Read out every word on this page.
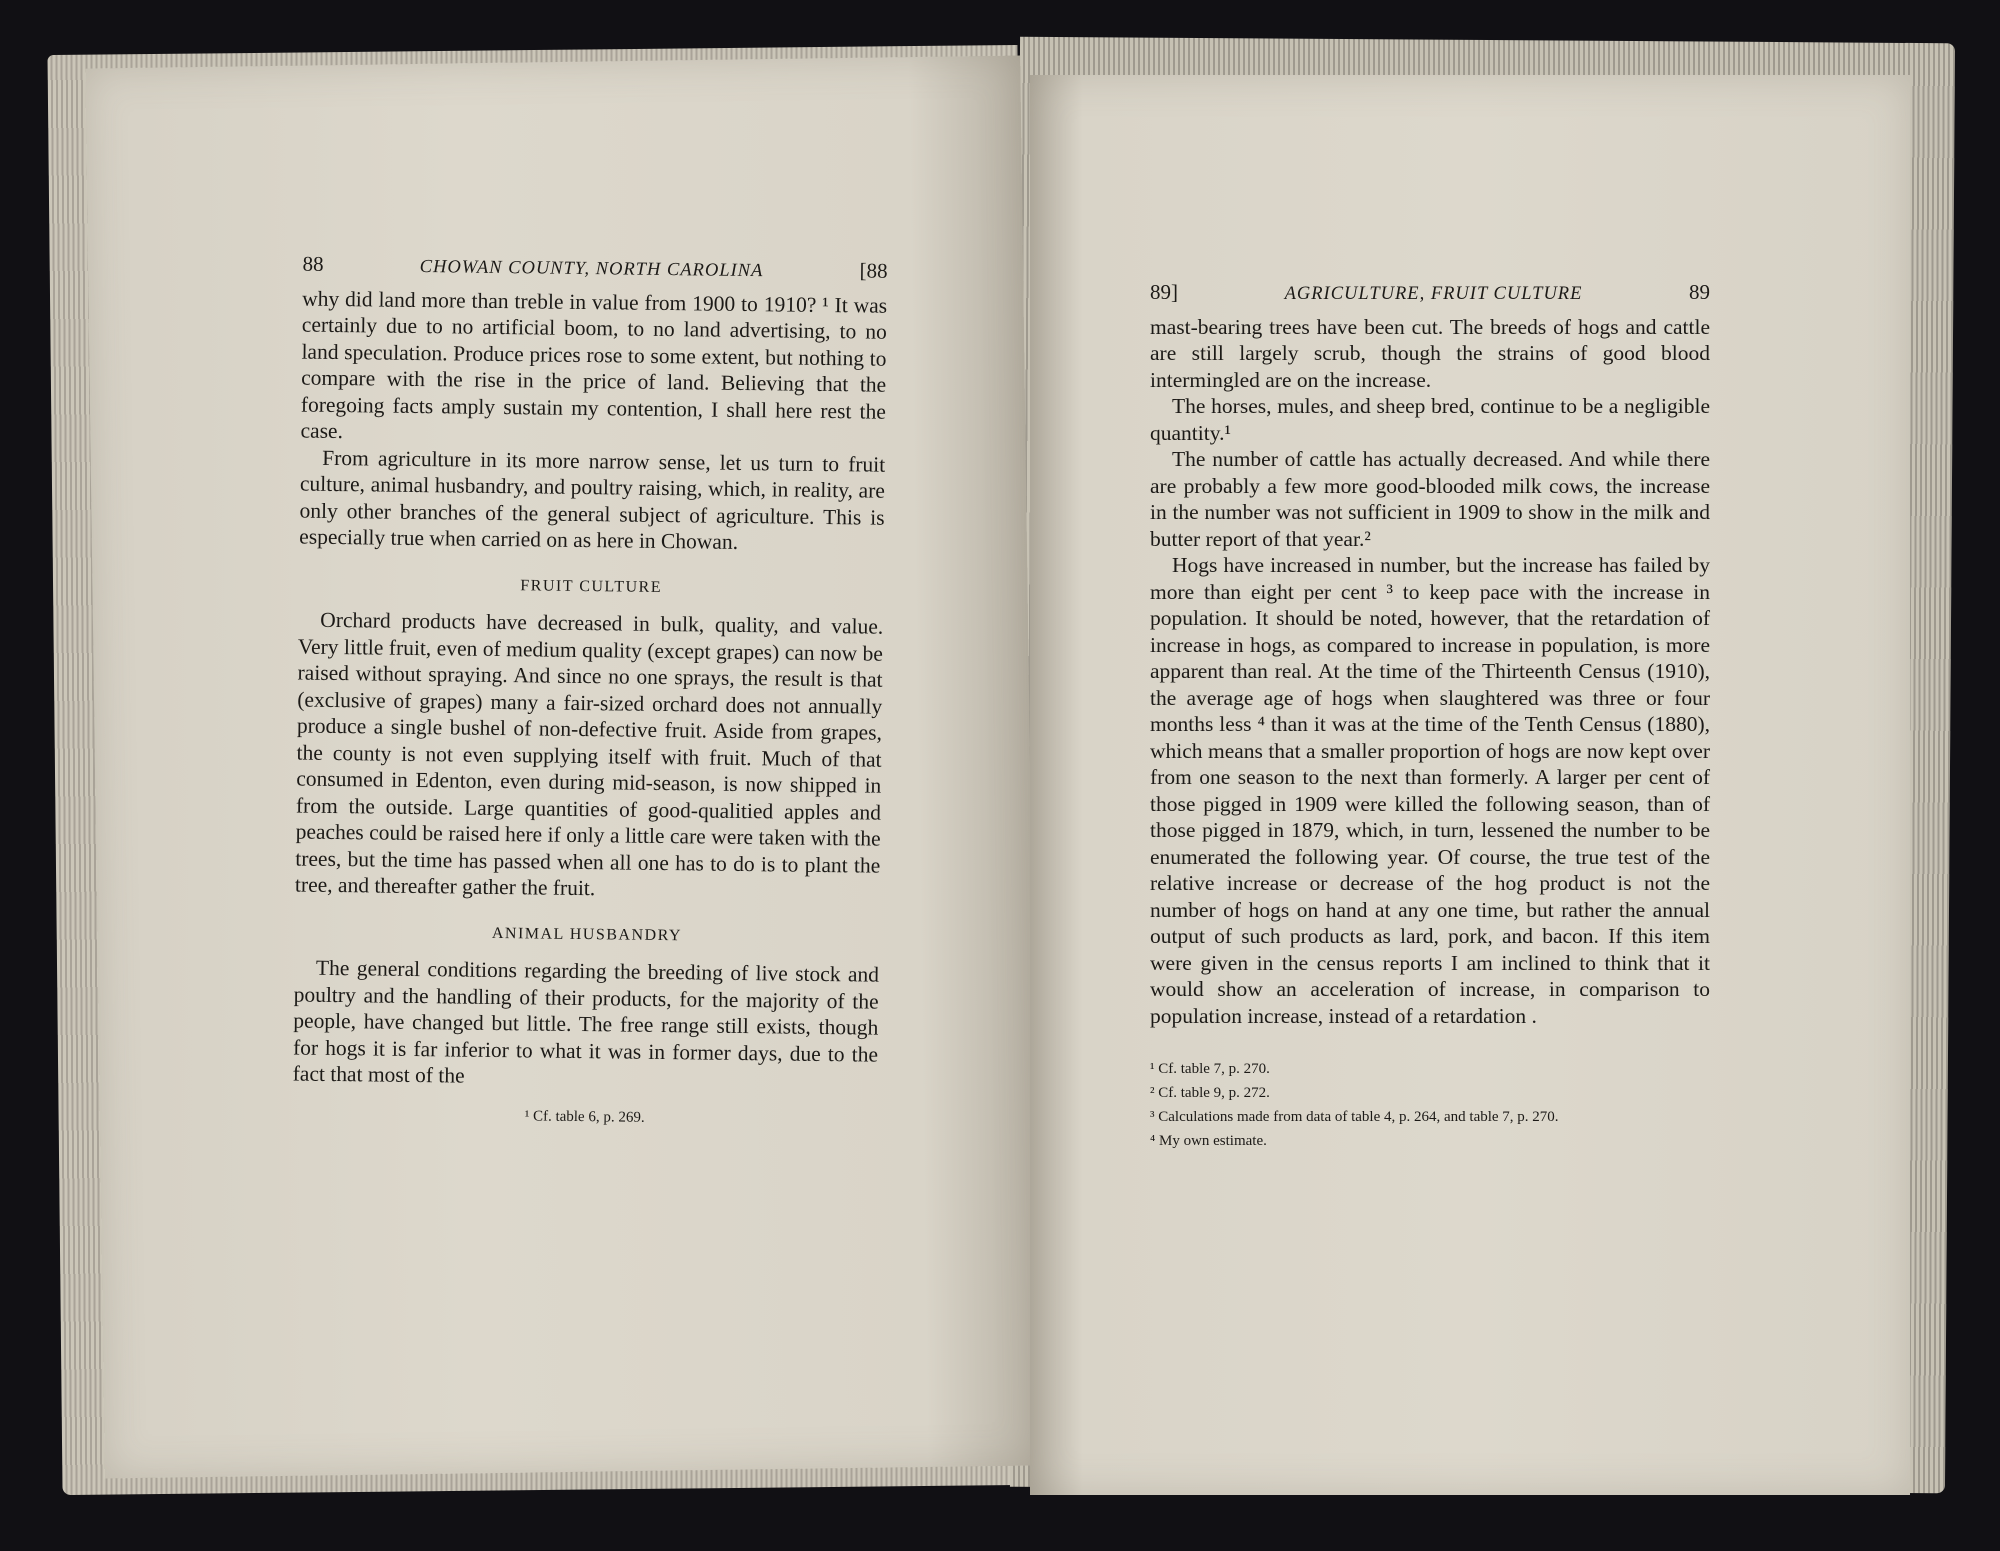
88	CHOWAN COUNTY, NORTH CAROLINA	[88

why did land more than treble in value from 1900 to 1910? ¹ It was certainly due to no artificial boom, to no land advertising, to no land speculation. Produce prices rose to some extent, but nothing to compare with the rise in the price of land. Believing that the foregoing facts amply sustain my contention, I shall here rest the case.

From agriculture in its more narrow sense, let us turn to fruit culture, animal husbandry, and poultry raising, which, in reality, are only other branches of the general subject of agriculture. This is especially true when carried on as here in Chowan.

FRUIT CULTURE

Orchard products have decreased in bulk, quality, and value. Very little fruit, even of medium quality (except grapes) can now be raised without spraying. And since no one sprays, the result is that (exclusive of grapes) many a fair-sized orchard does not annually produce a single bushel of non-defective fruit. Aside from grapes, the county is not even supplying itself with fruit. Much of that consumed in Edenton, even during mid-season, is now shipped in from the outside. Large quantities of good-qualitied apples and peaches could be raised here if only a little care were taken with the trees, but the time has passed when all one has to do is to plant the tree, and thereafter gather the fruit.

ANIMAL HUSBANDRY

The general conditions regarding the breeding of live stock and poultry and the handling of their products, for the majority of the people, have changed but little. The free range still exists, though for hogs it is far inferior to what it was in former days, due to the fact that most of the

¹ Cf. table 6, p. 269.
89]	AGRICULTURE, FRUIT CULTURE	89

mast-bearing trees have been cut. The breeds of hogs and cattle are still largely scrub, though the strains of good blood intermingled are on the increase.

The horses, mules, and sheep bred, continue to be a negligible quantity.¹

The number of cattle has actually decreased. And while there are probably a few more good-blooded milk cows, the increase in the number was not sufficient in 1909 to show in the milk and butter report of that year.²

Hogs have increased in number, but the increase has failed by more than eight per cent ³ to keep pace with the increase in population. It should be noted, however, that the retardation of increase in hogs, as compared to increase in population, is more apparent than real. At the time of the Thirteenth Census (1910), the average age of hogs when slaughtered was three or four months less ⁴ than it was at the time of the Tenth Census (1880), which means that a smaller proportion of hogs are now kept over from one season to the next than formerly. A larger per cent of those pigged in 1909 were killed the following season, than of those pigged in 1879, which, in turn, lessened the number to be enumerated the following year. Of course, the true test of the relative increase or decrease of the hog product is not the number of hogs on hand at any one time, but rather the annual output of such products as lard, pork, and bacon. If this item were given in the census reports I am inclined to think that it would show an acceleration of increase, in comparison to population increase, instead of a retardation .

¹ Cf. table 7, p. 270.
² Cf. table 9, p. 272.
³ Calculations made from data of table 4, p. 264, and table 7, p. 270.
⁴ My own estimate.
